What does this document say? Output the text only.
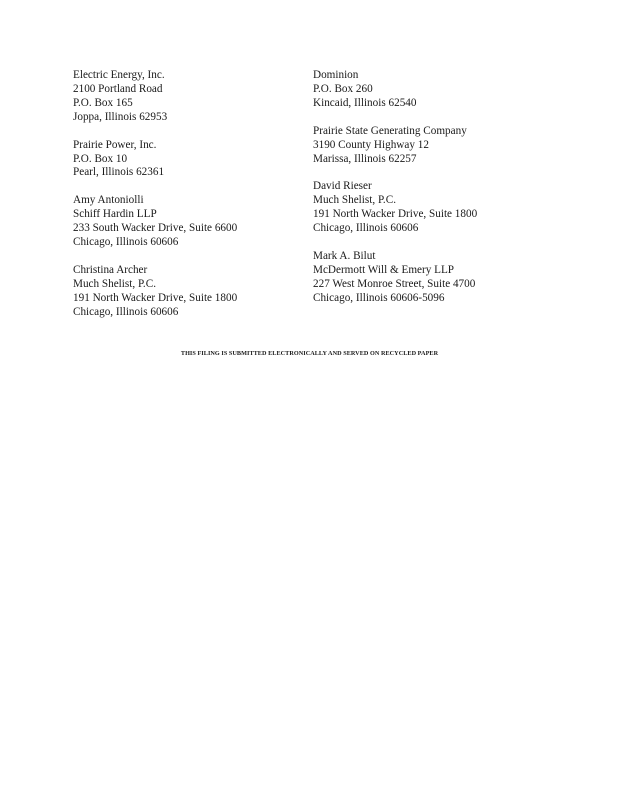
Electric Energy, Inc.
2100 Portland Road
P.O. Box 165
Joppa, Illinois 62953
Prairie Power, Inc.
P.O. Box 10
Pearl, Illinois 62361
Amy Antoniolli
Schiff Hardin LLP
233 South Wacker Drive, Suite 6600
Chicago, Illinois 60606
Christina Archer
Much Shelist, P.C.
191 North Wacker Drive, Suite 1800
Chicago, Illinois 60606
Dominion
P.O. Box 260
Kincaid, Illinois 62540
Prairie State Generating Company
3190 County Highway 12
Marissa, Illinois 62257
David Rieser
Much Shelist, P.C.
191 North Wacker Drive, Suite 1800
Chicago, Illinois 60606
Mark A. Bilut
McDermott Will & Emery LLP
227 West Monroe Street, Suite 4700
Chicago, Illinois 60606-5096
THIS FILING IS SUBMITTED ELECTRONICALLY AND SERVED ON RECYCLED PAPER
